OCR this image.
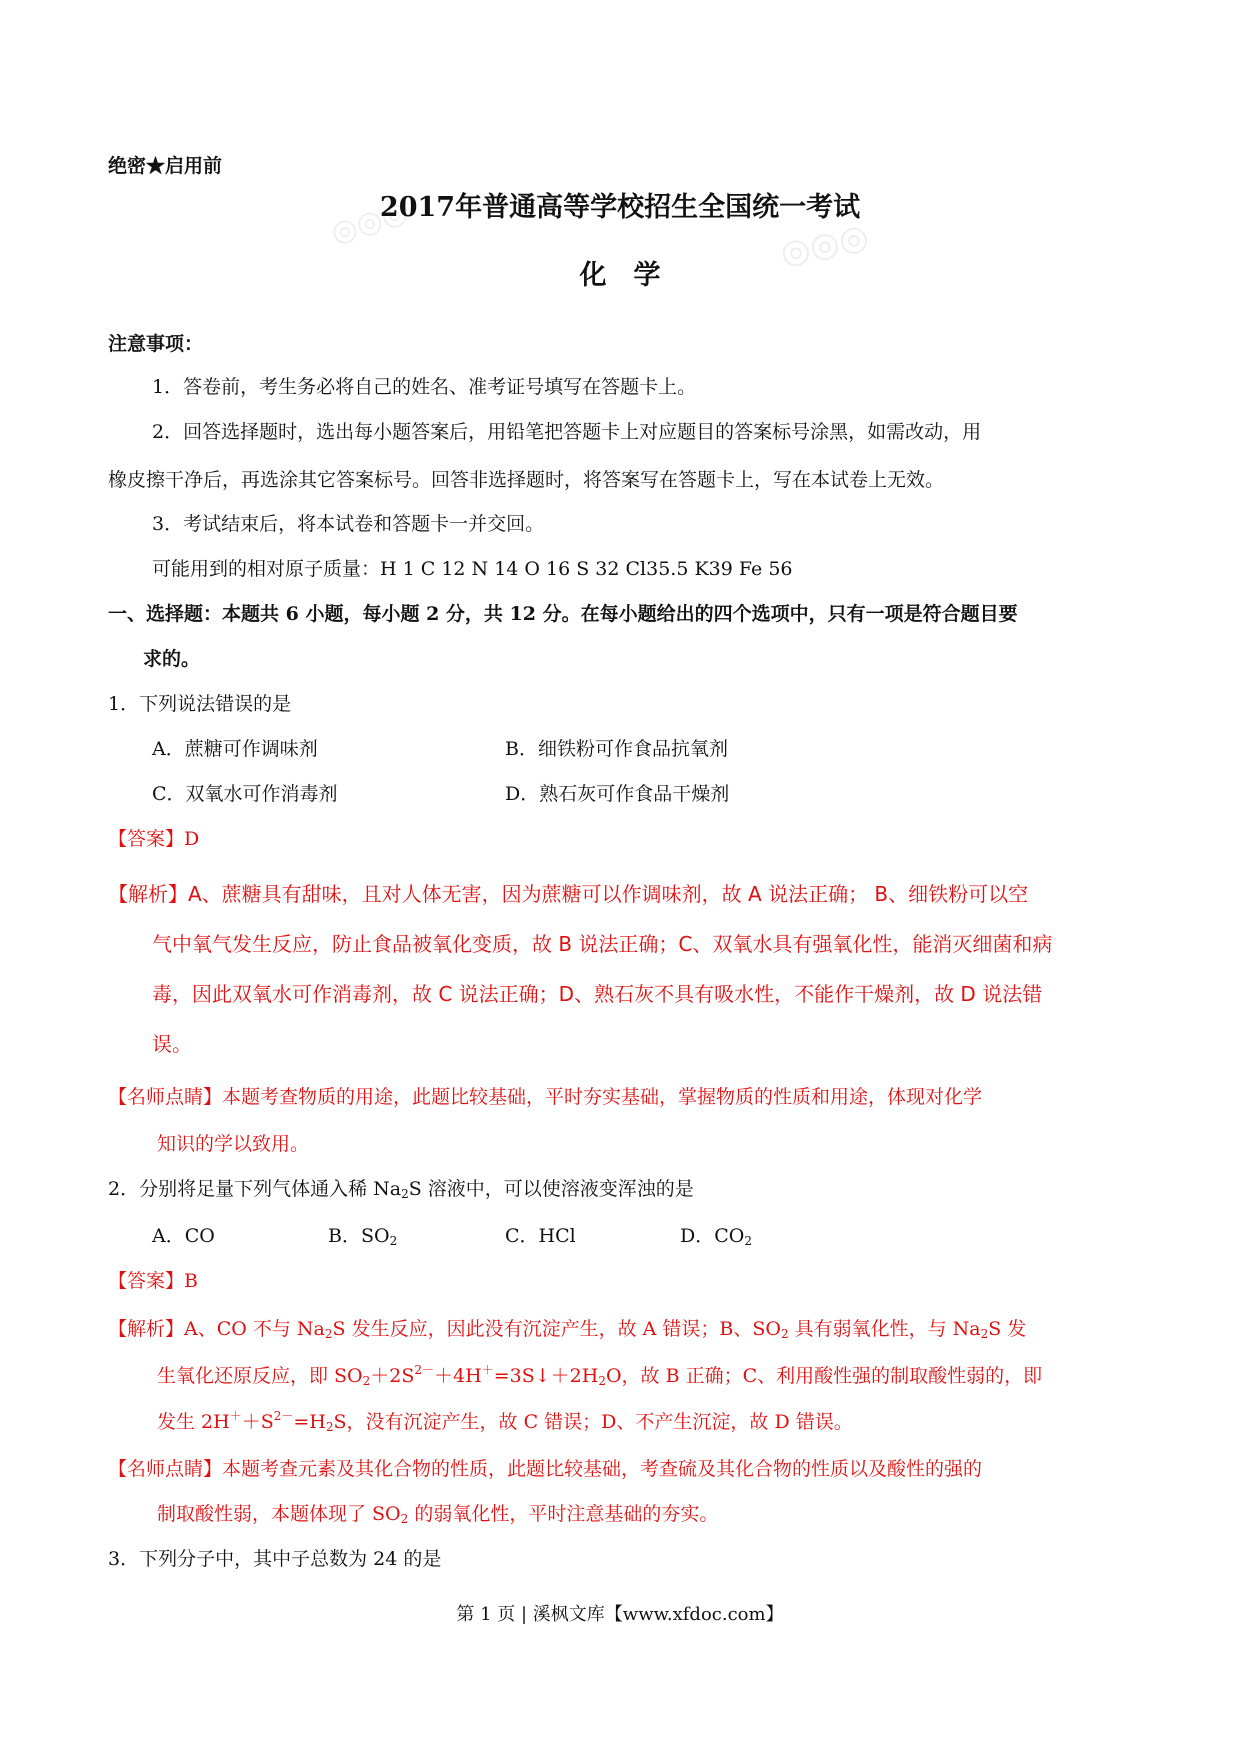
◎◎◎	◎◎◎
绝密★启用前
2017年普通高等学校招生全国统一考试
化　学
注意事项：
1．答卷前，考生务必将自己的姓名、准考证号填写在答题卡上。
2．回答选择题时，选出每小题答案后，用铅笔把答题卡上对应题目的答案标号涂黑，如需改动，用
橡皮擦干净后，再选涂其它答案标号。回答非选择题时，将答案写在答题卡上，写在本试卷上无效。
3．考试结束后，将本试卷和答题卡一并交回。
可能用到的相对原子质量：H 1 C 12 N 14 O 16 S 32 Cl35.5 K39 Fe 56
一、选择题：本题共 6 小题，每小题 2 分，共 12 分。在每小题给出的四个选项中，只有一项是符合题目要
求的。
1．下列说法错误的是
A．蔗糖可作调味剂	B．细铁粉可作食品抗氧剂
C．双氧水可作消毒剂	D．熟石灰可作食品干燥剂
【答案】D
【解析】A、蔗糖具有甜味，且对人体无害，因为蔗糖可以作调味剂，故 A 说法正确； B、细铁粉可以空
气中氧气发生反应，防止食品被氧化变质，故 B 说法正确；C、双氧水具有强氧化性，能消灭细菌和病
毒，因此双氧水可作消毒剂，故 C 说法正确；D、熟石灰不具有吸水性，不能作干燥剂，故 D 说法错
误。
【名师点睛】本题考查物质的用途，此题比较基础，平时夯实基础，掌握物质的性质和用途，体现对化学
知识的学以致用。
2．分别将足量下列气体通入稀 $Na_2S$ 溶液中，可以使溶液变浑浊的是
A．CO	B．$SO_2$	C．HCl	D．$CO_2$
【答案】B
【解析】A、CO 不与 $Na_2S$ 发生反应，因此没有沉淀产生，故 A 错误；B、$SO_2$ 具有弱氧化性，与 $Na_2S$ 发
生氧化还原反应，即 $SO_2+2S^{2-}+4H^+=3S↓+2H_2O$，故 B 正确；C、利用酸性强的制取酸性弱的，即
发生 $2H^++S^{2-}=H_2S$，没有沉淀产生，故 C 错误；D、不产生沉淀，故 D 错误。
【名师点睛】本题考查元素及其化合物的性质，此题比较基础，考查硫及其化合物的性质以及酸性的强的
制取酸性弱，本题体现了 $SO_2$ 的弱氧化性，平时注意基础的夯实。
3．下列分子中，其中子总数为 24 的是
第 1 页 | 溪枫文库【www.xfdoc.com】
